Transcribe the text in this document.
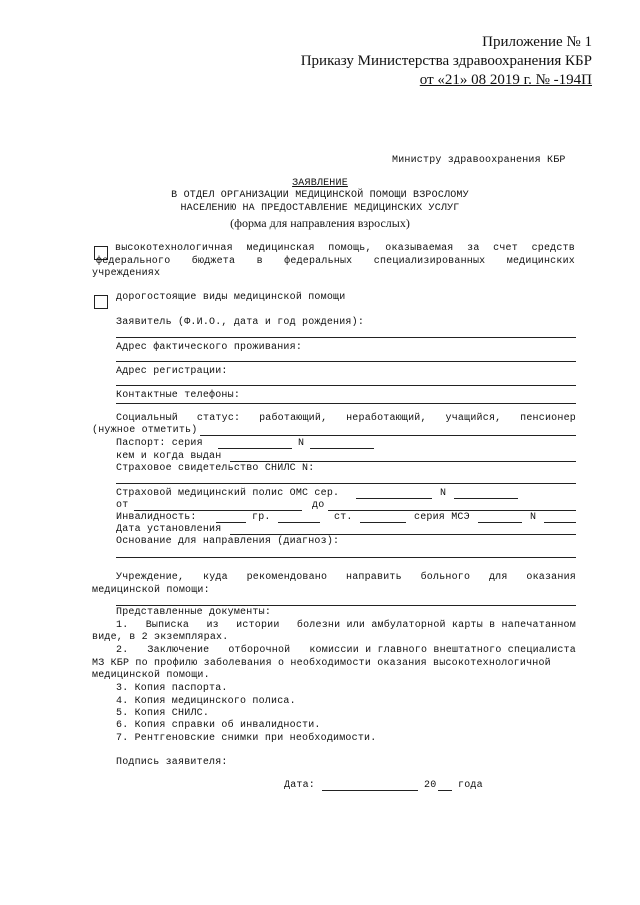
Приложение № 1
Приказу Министерства здравоохранения КБР
от «21» 08 2019 г. № -194П
Министру здравоохранения КБР
ЗАЯВЛЕНИЕ
В ОТДЕЛ ОРГАНИЗАЦИИ МЕДИЦИНСКОЙ ПОМОЩИ ВЗРОСЛОМУ
НАСЕЛЕНИЮ НА ПРЕДОСТАВЛЕНИЕ МЕДИЦИНСКИХ УСЛУГ
(форма для направления взрослых)
высокотехнологичная медицинская помощь, оказываемая за счет средств
федерального бюджета в федеральных специализированных медицинских
учреждениях
дорогостоящие виды медицинской помощи
Заявитель (Ф.И.О., дата и год рождения):
Адрес фактического проживания:
Адрес регистрации:
Контактные телефоны:
Социальный статус: работающий, неработающий, учащийся, пенсионер
(нужное отметить)
Паспорт: серия	N
кем и когда выдан
Страховое свидетельство СНИЛС N:
Страховой медицинский полис ОМС сер.	N
от	до
Инвалидность:	гр.	ст.	серия МСЭ	N
Дата установления
Основание для направления (диагноз):
Учреждение, куда рекомендовано направить больного для оказания
медицинской помощи:
Представленные документы:
1. Выписка из истории болезни или амбулаторной карты в напечатанном
виде, в 2 экземплярах.
2. Заключение отборочной комиссии и главного внештатного специалиста
МЗ КБР по профилю заболевания о необходимости оказания высокотехнологичной
медицинской помощи.
3. Копия паспорта.
4. Копия медицинского полиса.
5. Копия СНИЛС.
6. Копия справки об инвалидности.
7. Рентгеновские снимки при необходимости.
Подпись заявителя:
Дата:	20 года
